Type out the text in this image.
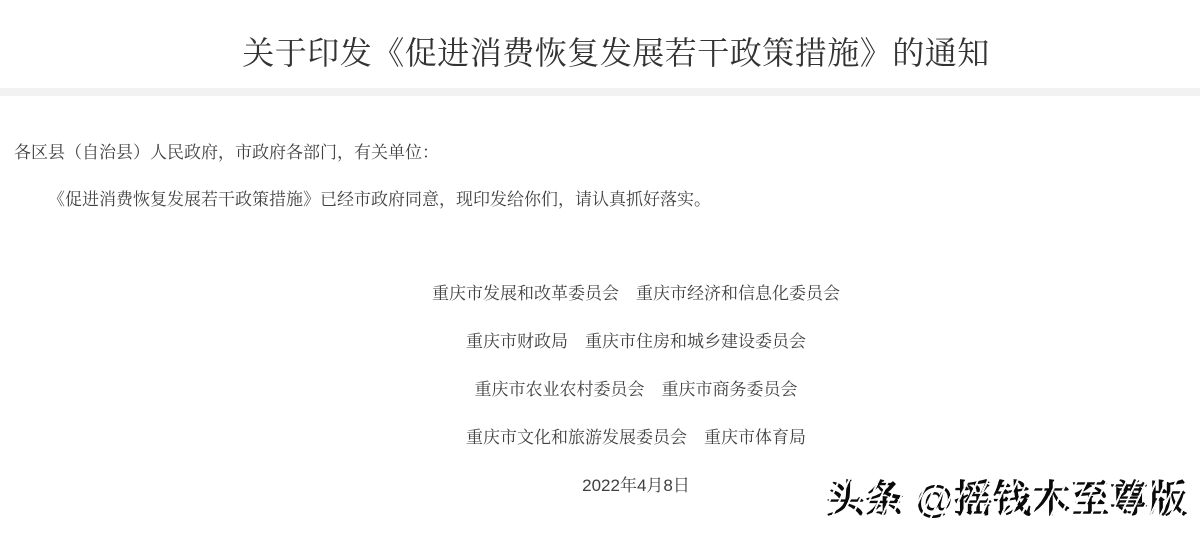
关于印发《促进消费恢复发展若干政策措施》的通知

各区县（自治县）人民政府，市政府各部门，有关单位：

《促进消费恢复发展若干政策措施》已经市政府同意，现印发给你们，请认真抓好落实。

重庆市发展和改革委员会　重庆市经济和信息化委员会

重庆市财政局　重庆市住房和城乡建设委员会

重庆市农业农村委员会　重庆市商务委员会

重庆市文化和旅游发展委员会　重庆市体育局

2022年4月8日	头条 @摇钱木至尊版
